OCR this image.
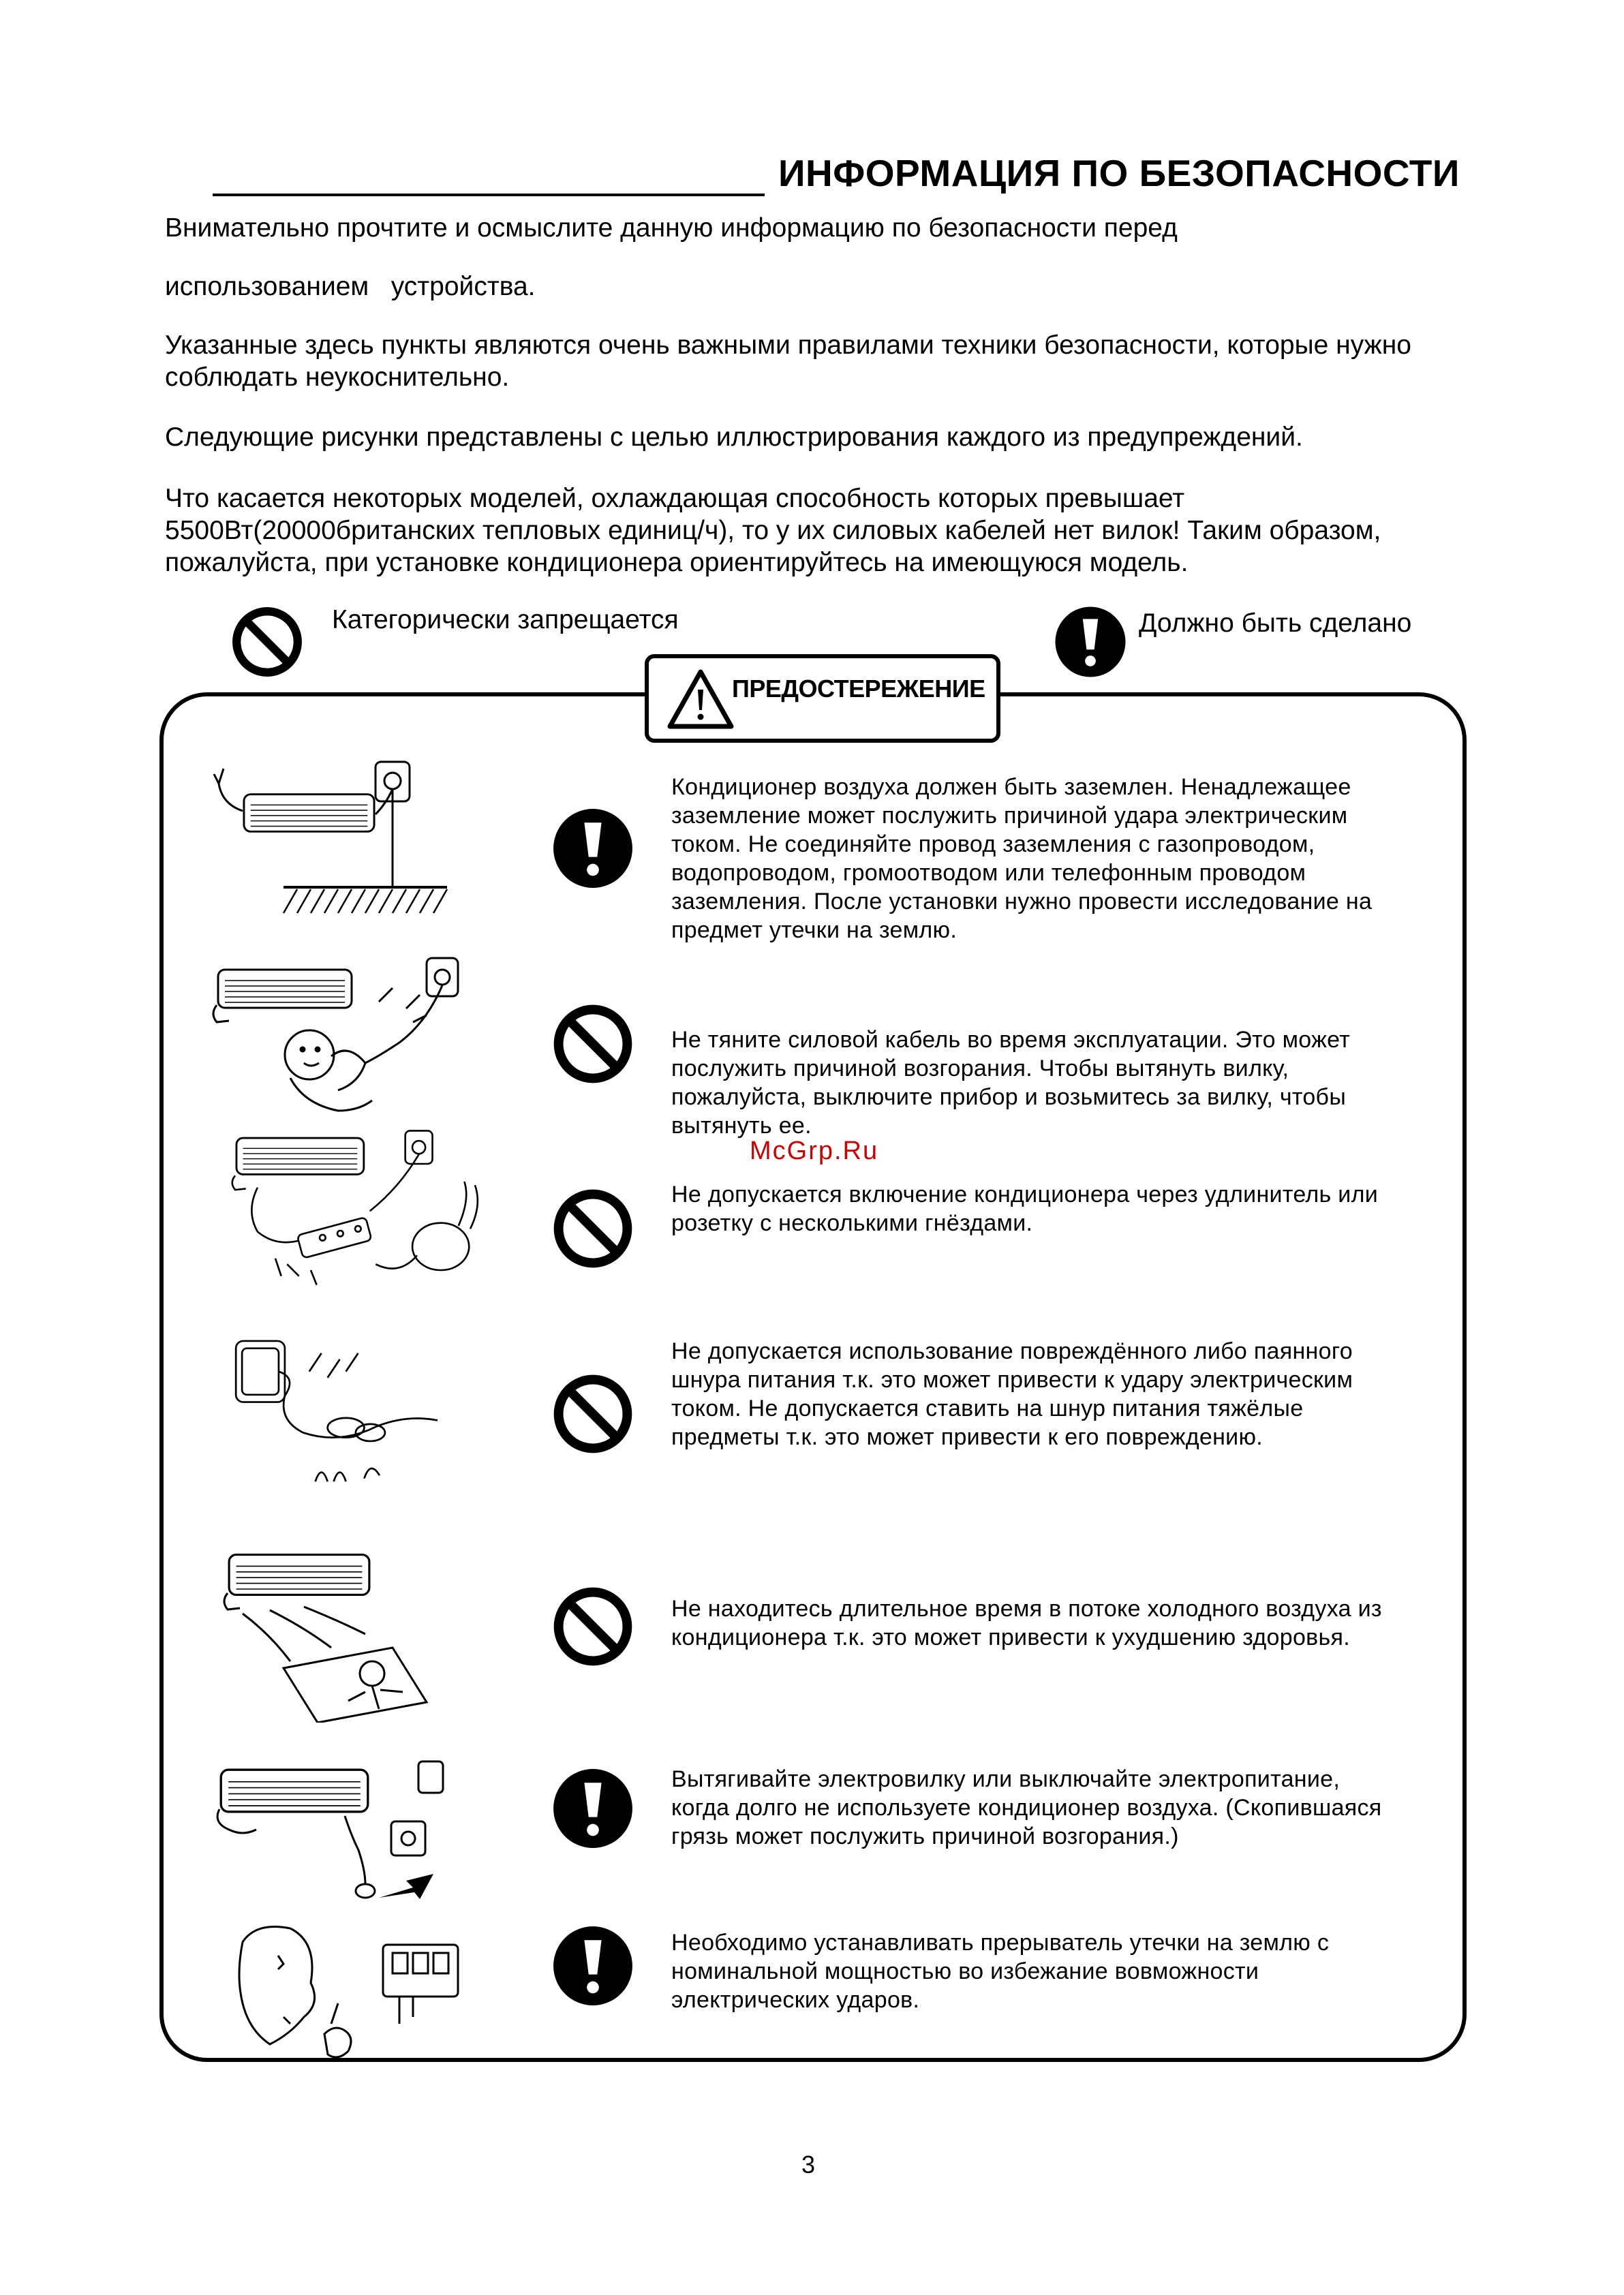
ИНФОРМАЦИЯ ПО БЕЗОПАСНОСТИ
Внимательно прочтите и осмыслите данную информацию по безопасности перед
использованием   устройства.
Указанные здесь пункты являются очень важными правилами техники безопасности, которые нужно соблюдать неукоснительно.
Следующие рисунки представлены с целью иллюстрирования каждого из предупреждений.
Что касается некоторых моделей, охлаждающая способность которых превышает
5500Вт(20000британских тепловых единиц/ч), то у их силовых кабелей нет вилок! Таким образом,
пожалуйста, при установке кондиционера ориентируйтесь на имеющуюся модель.
Категорически запрещается	Должно быть сделано
ПРЕДОСТЕРЕЖЕНИЕ
Кондиционер воздуха должен быть заземлен. Ненадлежащее
заземление может послужить причиной удара электрическим
током. Не соединяйте провод заземления с газопроводом,
водопроводом, громоотводом или телефонным проводом
заземления. После установки нужно провести исследование на
предмет утечки на землю.
Не тяните силовой кабель во время эксплуатации. Это может
послужить причиной возгорания. Чтобы вытянуть вилку,
пожалуйста, выключите прибор и возьмитесь за вилку, чтобы
вытянуть ее.
McGrp.Ru
Не допускается включение кондиционера через удлинитель или
розетку с несколькими гнёздами.
Не допускается использование повреждённого либо паянного
шнура питания т.к. это может привести к удару электрическим
током. Не допускается ставить на шнур питания тяжёлые
предметы т.к. это может привести к его повреждению.
Не находитесь длительное время в потоке холодного воздуха из
кондиционера т.к. это может привести к ухудшению здоровья.
Вытягивайте электровилку или выключайте электропитание,
когда долго не используете кондиционер воздуха. (Скопившаяся
грязь может послужить причиной возгорания.)
Необходимо устанавливать прерыватель утечки на землю с
номинальной мощностью во избежание вовможности
электрических ударов.
3
